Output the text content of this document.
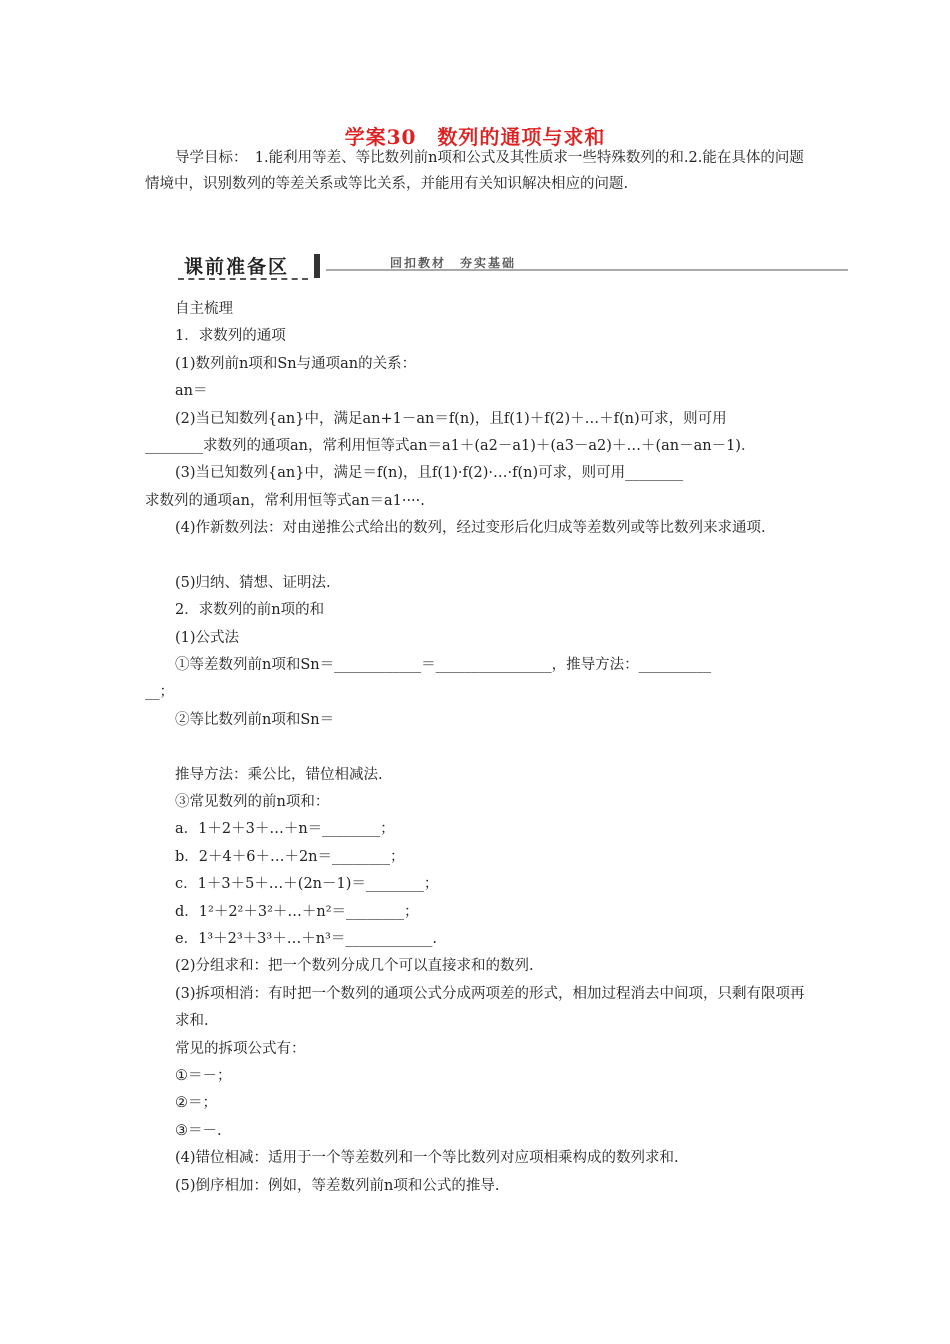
学案30　数列的通项与求和
导学目标：　1.能利用等差、等比数列前n项和公式及其性质求一些特殊数列的和.2.能在具体的问题情境中，识别数列的等差关系或等比关系，并能用有关知识解决相应的问题.
课前准备区	回扣教材　夯实基础
自主梳理
1．求数列的通项
(1)数列前n项和Sn与通项an的关系：
an＝
(2)当已知数列{an}中，满足an+1－an＝f(n)，且f(1)＋f(2)＋…＋f(n)可求，则可用
________求数列的通项an，常利用恒等式an＝a1＋(a2－a1)＋(a3－a2)＋…＋(an－an－1)．
(3)当已知数列{an}中，满足＝f(n)，且f(1)·f(2)·…·f(n)可求，则可用________
求数列的通项an，常利用恒等式an＝a1····.
(4)作新数列法：对由递推公式给出的数列，经过变形后化归成等差数列或等比数列来求通项.
(5)归纳、猜想、证明法.
2．求数列的前n项的和
(1)公式法
①等差数列前n项和Sn＝____________＝________________，推导方法：__________
__；
②等比数列前n项和Sn＝
推导方法：乘公比，错位相减法.
③常见数列的前n项和：
a．1＋2＋3＋…＋n＝________；
b．2＋4＋6＋…＋2n＝________；
c．1＋3＋5＋…＋(2n－1)＝________；
d．1²＋2²＋3²＋…＋n²＝________；
e．1³＋2³＋3³＋…＋n³＝____________.
(2)分组求和：把一个数列分成几个可以直接求和的数列.
(3)拆项相消：有时把一个数列的通项公式分成两项差的形式，相加过程消去中间项，只剩有限项再求和.
常见的拆项公式有：
①＝－；
②＝；
③＝－.
(4)错位相减：适用于一个等差数列和一个等比数列对应项相乘构成的数列求和.
(5)倒序相加：例如，等差数列前n项和公式的推导.
